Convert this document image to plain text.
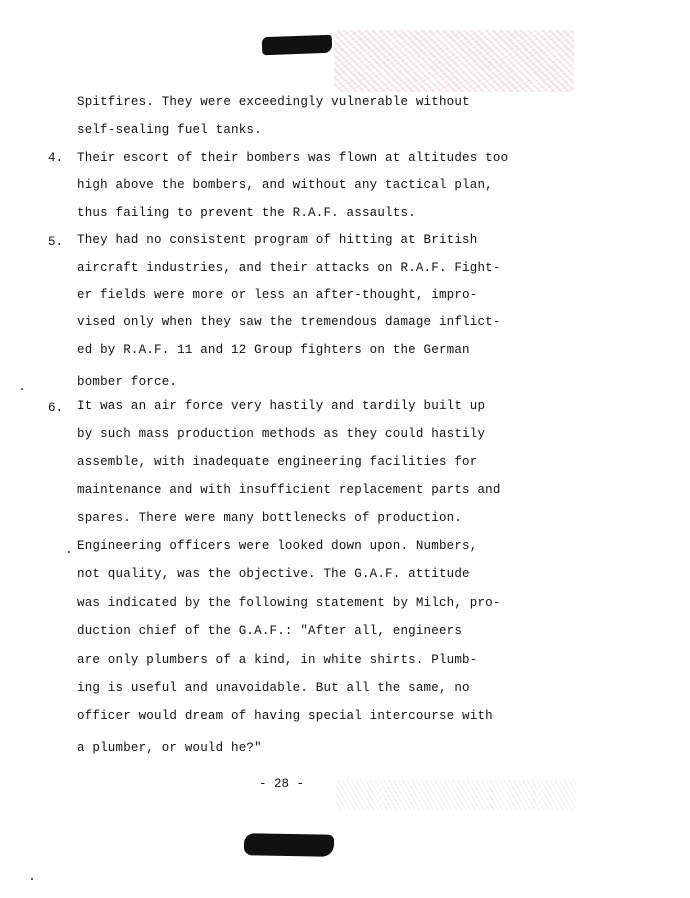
Spitfires. They were exceedingly vulnerable without
self-sealing fuel tanks.
4. Their escort of their bombers was flown at altitudes too
high above the bombers, and without any tactical plan,
thus failing to prevent the R.A.F. assaults.
5. They had no consistent program of hitting at British
aircraft industries, and their attacks on R.A.F. Fight-
er fields were more or less an after-thought, impro-
vised only when they saw the tremendous damage inflict-
ed by R.A.F. 11 and 12 Group fighters on the German
bomber force.
6. It was an air force very hastily and tardily built up
by such mass production methods as they could hastily
assemble, with inadequate engineering facilities for
maintenance and with insufficient replacement parts and
spares. There were many bottlenecks of production.
Engineering officers were looked down upon. Numbers,
not quality, was the objective. The G.A.F. attitude
was indicated by the following statement by Milch, pro-
duction chief of the G.A.F.: "After all, engineers
are only plumbers of a kind, in white shirts. Plumb-
ing is useful and unavoidable. But all the same, no
officer would dream of having special intercourse with
a plumber, or would he?"
- 28 -
